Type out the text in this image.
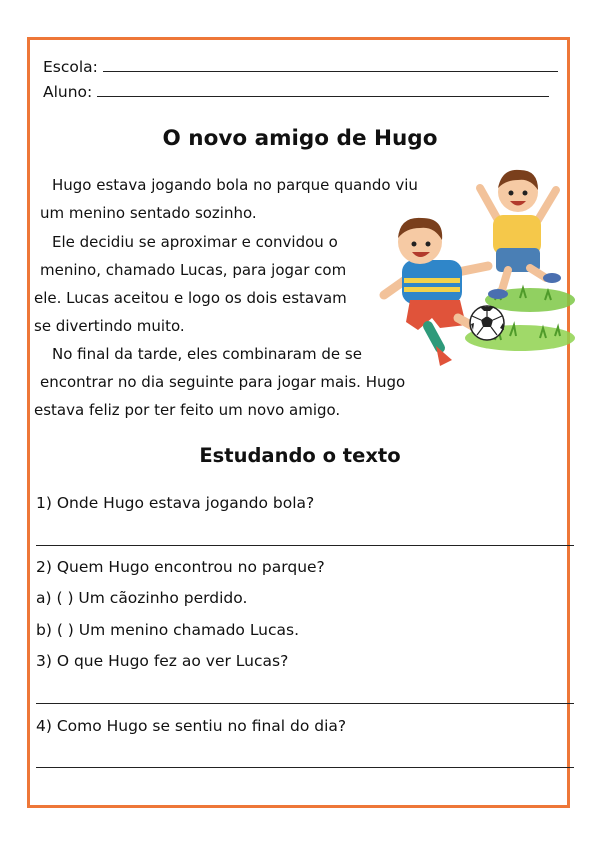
Escola:
Aluno:
O novo amigo de Hugo
Hugo estava jogando bola no parque quando viu
um menino sentado sozinho.
Ele decidiu se aproximar e convidou o
menino, chamado Lucas, para jogar com
ele. Lucas aceitou e logo os dois estavam
se divertindo muito.
No final da tarde, eles combinaram de se
encontrar no dia seguinte para jogar mais. Hugo
estava feliz por ter feito um novo amigo.
Estudando o texto
1) Onde Hugo estava jogando bola?
2) Quem Hugo encontrou no parque?
a) ( ) Um cãozinho perdido.
b) ( ) Um menino chamado Lucas.
3) O que Hugo fez ao ver Lucas?
4) Como Hugo se sentiu no final do dia?
